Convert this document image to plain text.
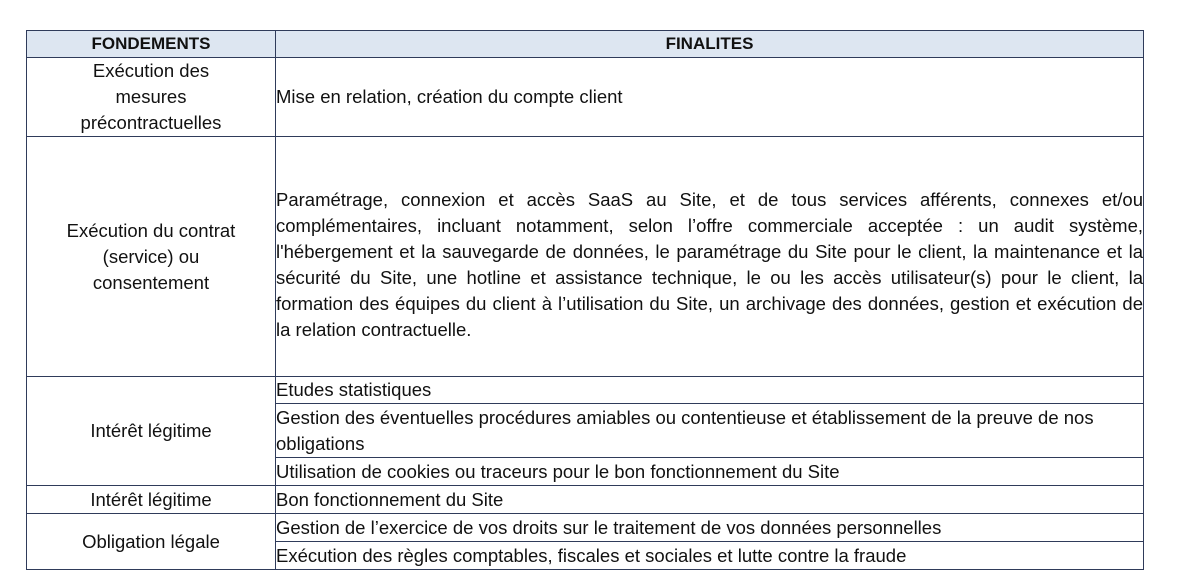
FONDEMENTS	FINALITES
Exécution des mesures précontractuelles	Mise en relation, création du compte client
Exécution du contrat (service) ou consentement	Paramétrage, connexion et accès SaaS au Site, et de tous services afférents, connexes et/ou complémentaires, incluant notamment, selon l’offre commerciale acceptée : un audit système, l'hébergement et la sauvegarde de données, le paramétrage du Site pour le client, la maintenance et la sécurité du Site, une hotline et assistance technique, le ou les accès utilisateur(s) pour le client, la formation des équipes du client à l’utilisation du Site, un archivage des données, gestion et exécution de la relation contractuelle.
Intérêt légitime	Etudes statistiques
	Gestion des éventuelles procédures amiables ou contentieuse et établissement de la preuve de nos obligations
	Utilisation de cookies ou traceurs pour le bon fonctionnement du Site
Intérêt légitime	Bon fonctionnement du Site
Obligation légale	Gestion de l’exercice de vos droits sur le traitement de vos données personnelles
	Exécution des règles comptables, fiscales et sociales et lutte contre la fraude
